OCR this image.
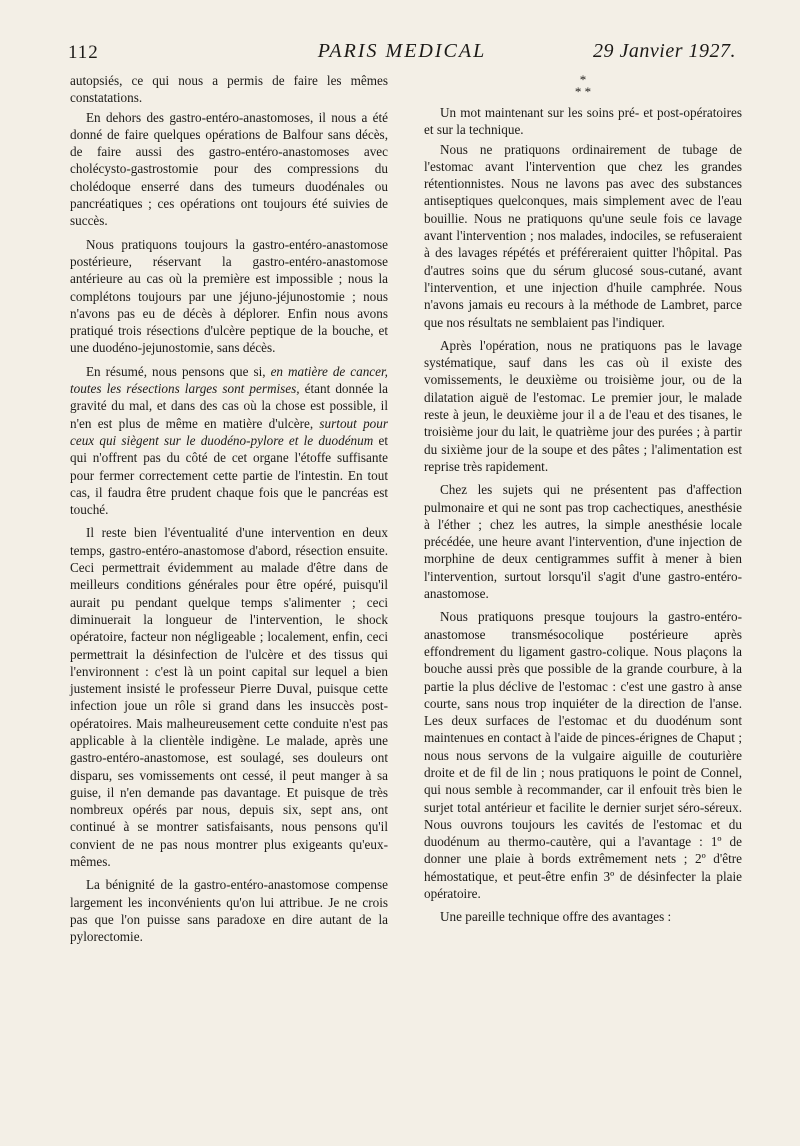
112	PARIS MEDICAL	29 Janvier 1927.

autopsiés, ce qui nous a permis de faire les mêmes constatations.

En dehors des gastro-entéro-anastomoses, il nous a été donné de faire quelques opérations de Balfour sans décès, de faire aussi des gastro-entéro-anastomoses avec cholécysto-gastrostomie pour des compressions du cholédoque enserré dans des tumeurs duodénales ou pancréatiques ; ces opérations ont toujours été suivies de succès.

Nous pratiquons toujours la gastro-entéro-anastomose postérieure, réservant la gastro-entéro-anastomose antérieure au cas où la première est impossible ; nous la complétons toujours par une jéjuno-jéjunostomie ; nous n'avons pas eu de décès à déplorer. Enfin nous avons pratiqué trois résections d'ulcère peptique de la bouche, et une duodéno-jejunostomie, sans décès.

En résumé, nous pensons que si, en matière de cancer, toutes les résections larges sont permises, étant donnée la gravité du mal, et dans des cas où la chose est possible, il n'en est plus de même en matière d'ulcère, surtout pour ceux qui siègent sur le duodéno-pylore et le duodénum et qui n'offrent pas du côté de cet organe l'étoffe suffisante pour fermer correctement cette partie de l'intestin. En tout cas, il faudra être prudent chaque fois que le pancréas est touché.

Il reste bien l'éventualité d'une intervention en deux temps, gastro-entéro-anastomose d'abord, résection ensuite. Ceci permettrait évidemment au malade d'être dans de meilleurs conditions générales pour être opéré, puisqu'il aurait pu pendant quelque temps s'alimenter ; ceci diminuerait la longueur de l'intervention, le shock opératoire, facteur non négligeable ; localement, enfin, ceci permettrait la désinfection de l'ulcère et des tissus qui l'environnent : c'est là un point capital sur lequel a bien justement insisté le professeur Pierre Duval, puisque cette infection joue un rôle si grand dans les insuccès post-opératoires. Mais malheureusement cette conduite n'est pas applicable à la clientèle indigène. Le malade, après une gastro-entéro-anastomose, est soulagé, ses douleurs ont disparu, ses vomissements ont cessé, il peut manger à sa guise, il n'en demande pas davantage. Et puisque de très nombreux opérés par nous, depuis six, sept ans, ont continué à se montrer satisfaisants, nous pensons qu'il convient de ne pas nous montrer plus exigeants qu'eux-mêmes.

La bénignité de la gastro-entéro-anastomose compense largement les inconvénients qu'on lui attribue. Je ne crois pas que l'on puisse sans paradoxe en dire autant de la pylorectomie.

*
* *

Un mot maintenant sur les soins pré- et post-opératoires et sur la technique.

Nous ne pratiquons ordinairement de tubage de l'estomac avant l'intervention que chez les grandes rétentionnistes. Nous ne lavons pas avec des substances antiseptiques quelconques, mais simplement avec de l'eau bouillie. Nous ne pratiquons qu'une seule fois ce lavage avant l'intervention ; nos malades, indociles, se refuseraient à des lavages répétés et préféreraient quitter l'hôpital. Pas d'autres soins que du sérum glucosé sous-cutané, avant l'intervention, et une injection d'huile camphrée. Nous n'avons jamais eu recours à la méthode de Lambret, parce que nos résultats ne semblaient pas l'indiquer.

Après l'opération, nous ne pratiquons pas le lavage systématique, sauf dans les cas où il existe des vomissements, le deuxième ou troisième jour, ou de la dilatation aiguë de l'estomac. Le premier jour, le malade reste à jeun, le deuxième jour il a de l'eau et des tisanes, le troisième jour du lait, le quatrième jour des purées ; à partir du sixième jour de la soupe et des pâtes ; l'alimentation est reprise très rapidement.

Chez les sujets qui ne présentent pas d'affection pulmonaire et qui ne sont pas trop cachectiques, anesthésie à l'éther ; chez les autres, la simple anesthésie locale précédée, une heure avant l'intervention, d'une injection de morphine de deux centigrammes suffit à mener à bien l'intervention, surtout lorsqu'il s'agit d'une gastro-entéro-anastomose.

Nous pratiquons presque toujours la gastro-entéro-anastomose transmésocolique postérieure après effondrement du ligament gastro-colique. Nous plaçons la bouche aussi près que possible de la grande courbure, à la partie la plus déclive de l'estomac : c'est une gastro à anse courte, sans nous trop inquiéter de la direction de l'anse. Les deux surfaces de l'estomac et du duodénum sont maintenues en contact à l'aide de pinces-érignes de Chaput ; nous nous servons de la vulgaire aiguille de couturière droite et de fil de lin ; nous pratiquons le point de Connel, qui nous semble à recommander, car il enfouit très bien le surjet total antérieur et facilite le dernier surjet séro-séreux. Nous ouvrons toujours les cavités de l'estomac et du duodénum au thermo-cautère, qui a l'avantage : 1º de donner une plaie à bords extrêmement nets ; 2º d'être hémostatique, et peut-être enfin 3º de désinfecter la plaie opératoire.

Une pareille technique offre des avantages :
